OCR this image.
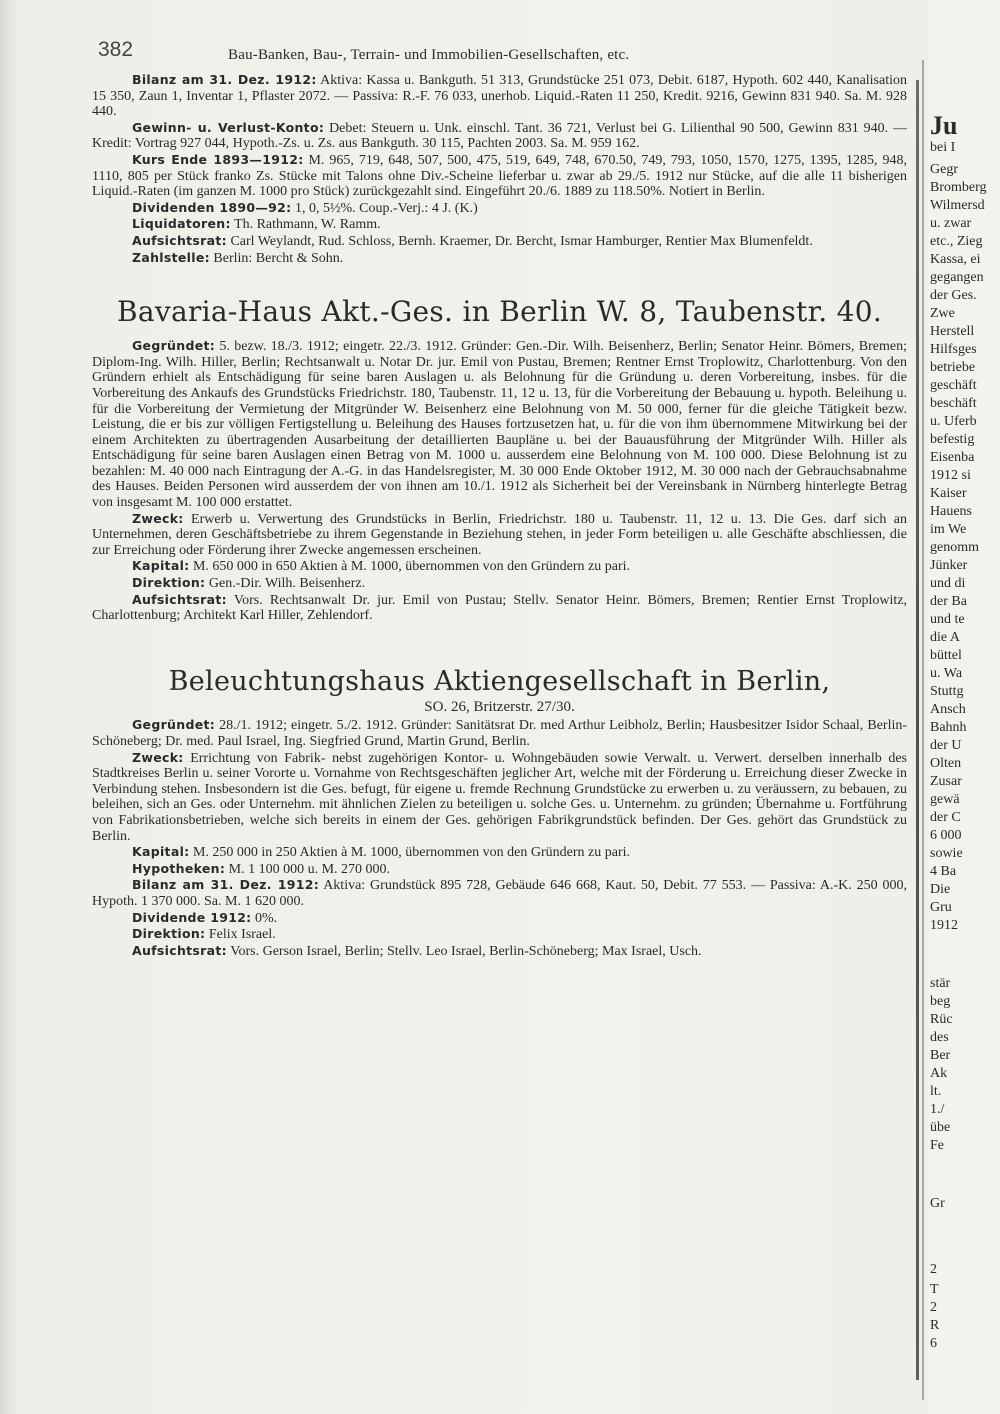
382	Bau-Banken, Bau-, Terrain- und Immobilien-Gesellschaften, etc.

Bilanz am 31. Dez. 1912: Aktiva: Kassa u. Bankguth. 51 313, Grundstücke 251 073, Debit. 6187, Hypoth. 602 440, Kanalisation 15 350, Zaun 1, Inventar 1, Pflaster 2072. — Passiva: R.-F. 76 033, unerhob. Liquid.-Raten 11 250, Kredit. 9216, Gewinn 831 940. Sa. M. 928 440.

Gewinn- u. Verlust-Konto: Debet: Steuern u. Unk. einschl. Tant. 36 721, Verlust bei G. Lilienthal 90 500, Gewinn 831 940. — Kredit: Vortrag 927 044, Hypoth.-Zs. u. Zs. aus Bankguth. 30 115, Pachten 2003. Sa. M. 959 162.

Kurs Ende 1893—1912: M. 965, 719, 648, 507, 500, 475, 519, 649, 748, 670.50, 749, 793, 1050, 1570, 1275, 1395, 1285, 948, 1110, 805 per Stück franko Zs. Stücke mit Talons ohne Div.-Scheine lieferbar u. zwar ab 29./5. 1912 nur Stücke, auf die alle 11 bisherigen Liquid.-Raten (im ganzen M. 1000 pro Stück) zurückgezahlt sind. Eingeführt 20./6. 1889 zu 118.50%. Notiert in Berlin.

Dividenden 1890—92: 1, 0, 5½%. Coup.-Verj.: 4 J. (K.)

Liquidatoren: Th. Rathmann, W. Ramm.

Aufsichtsrat: Carl Weylandt, Rud. Schloss, Bernh. Kraemer, Dr. Bercht, Ismar Hamburger, Rentier Max Blumenfeldt.

Zahlstelle: Berlin: Bercht & Sohn.

Bavaria-Haus Akt.-Ges. in Berlin W. 8, Taubenstr. 40.

Gegründet: 5. bezw. 18./3. 1912; eingetr. 22./3. 1912. Gründer: Gen.-Dir. Wilh. Beisenherz, Berlin; Senator Heinr. Bömers, Bremen; Diplom-Ing. Wilh. Hiller, Berlin; Rechtsanwalt u. Notar Dr. jur. Emil von Pustau, Bremen; Rentner Ernst Troplowitz, Charlottenburg. Von den Gründern erhielt als Entschädigung für seine baren Auslagen u. als Belohnung für die Gründung u. deren Vorbereitung, insbes. für die Vorbereitung des Ankaufs des Grundstücks Friedrichstr. 180, Taubenstr. 11, 12 u. 13, für die Vorbereitung der Bebauung u. hypoth. Beleihung u. für die Vorbereitung der Vermietung der Mitgründer W. Beisenherz eine Belohnung von M. 50 000, ferner für die gleiche Tätigkeit bezw. Leistung, die er bis zur völligen Fertigstellung u. Beleihung des Hauses fortzusetzen hat, u. für die von ihm übernommene Mitwirkung bei der einem Architekten zu übertragenden Ausarbeitung der detaillierten Baupläne u. bei der Bauausführung der Mitgründer Wilh. Hiller als Entschädigung für seine baren Auslagen einen Betrag von M. 1000 u. ausserdem eine Belohnung von M. 100 000. Diese Belohnung ist zu bezahlen: M. 40 000 nach Eintragung der A.-G. in das Handelsregister, M. 30 000 Ende Oktober 1912, M. 30 000 nach der Gebrauchsabnahme des Hauses. Beiden Personen wird ausserdem der von ihnen am 10./1. 1912 als Sicherheit bei der Vereinsbank in Nürnberg hinterlegte Betrag von insgesamt M. 100 000 erstattet.

Zweck: Erwerb u. Verwertung des Grundstücks in Berlin, Friedrichstr. 180 u. Taubenstr. 11, 12 u. 13. Die Ges. darf sich an Unternehmen, deren Geschäftsbetriebe zu ihrem Gegenstande in Beziehung stehen, in jeder Form beteiligen u. alle Geschäfte abschliessen, die zur Erreichung oder Förderung ihrer Zwecke angemessen erscheinen.

Kapital: M. 650 000 in 650 Aktien à M. 1000, übernommen von den Gründern zu pari.

Direktion: Gen.-Dir. Wilh. Beisenherz.

Aufsichtsrat: Vors. Rechtsanwalt Dr. jur. Emil von Pustau; Stellv. Senator Heinr. Bömers, Bremen; Rentier Ernst Troplowitz, Charlottenburg; Architekt Karl Hiller, Zehlendorf.

Beleuchtungshaus Aktiengesellschaft in Berlin,
SO. 26, Britzerstr. 27/30.

Gegründet: 28./1. 1912; eingetr. 5./2. 1912. Gründer: Sanitätsrat Dr. med Arthur Leibholz, Berlin; Hausbesitzer Isidor Schaal, Berlin-Schöneberg; Dr. med. Paul Israel, Ing. Siegfried Grund, Martin Grund, Berlin.

Zweck: Errichtung von Fabrik- nebst zugehörigen Kontor- u. Wohngebäuden sowie Verwalt. u. Verwert. derselben innerhalb des Stadtkreises Berlin u. seiner Vororte u. Vornahme von Rechtsgeschäften jeglicher Art, welche mit der Förderung u. Erreichung dieser Zwecke in Verbindung stehen. Insbesondern ist die Ges. befugt, für eigene u. fremde Rechnung Grundstücke zu erwerben u. zu veräussern, zu bebauen, zu beleihen, sich an Ges. oder Unternehm. mit ähnlichen Zielen zu beteiligen u. solche Ges. u. Unternehm. zu gründen; Übernahme u. Fortführung von Fabrikationsbetrieben, welche sich bereits in einem der Ges. gehörigen Fabrikgrundstück befinden. Der Ges. gehört das Grundstück zu Berlin.

Kapital: M. 250 000 in 250 Aktien à M. 1000, übernommen von den Gründern zu pari.

Hypotheken: M. 1 100 000 u. M. 270 000.

Bilanz am 31. Dez. 1912: Aktiva: Grundstück 895 728, Gebäude 646 668, Kaut. 50, Debit. 77 553. — Passiva: A.-K. 250 000, Hypoth. 1 370 000. Sa. M. 1 620 000.

Dividende 1912: 0%.

Direktion: Felix Israel.

Aufsichtsrat: Vors. Gerson Israel, Berlin; Stellv. Leo Israel, Berlin-Schöneberg; Max Israel, Usch.

Ju
bei I
Gegr
Bromberg
Wilmersd
u. zwar
etc., Zieg
Kassa, ei
gegangen
der Ges.
Zwe
Herstell
Hilfsges
betriebe
geschäft
beschäft
u. Uferb
befestig
Eisenba
1912 si
Kaiser
Hauens
im We
genomm
Jünker
und di
der Ba
und te
die A
büttel
u. Wa
Stuttg
Ansch
Bahnh
der U
Olten
Zusar
gewä
der C
6 000
sowie
4 Ba
Die
Gru
1912
stär
beg
Rüc
des
Ber
Ak
lt.
1./
übe
Fe
Gr
2
T
2
R
6
